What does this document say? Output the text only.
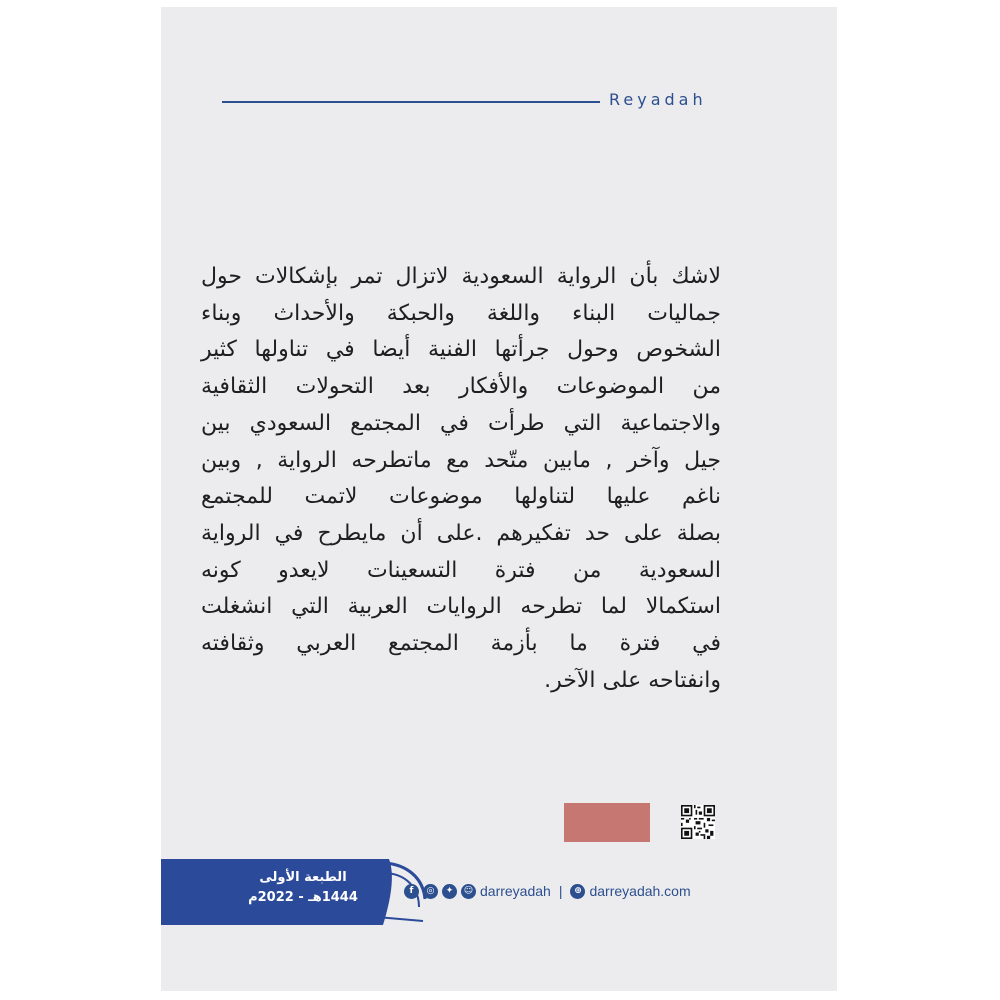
Reyadah
لاشك بأن الرواية السعودية لاتزال تمر بإشكالات حول
جماليات البناء واللغة والحبكة والأحداث وبناء
الشخوص وحول جرأتها الفنية أيضا في تناولها كثير
من الموضوعات والأفكار بعد التحولات الثقافية
والاجتماعية التي طرأت في المجتمع السعودي بين
جيل وآخر , مابين متّحد مع ماتطرحه الرواية , وبين
ناغم عليها لتناولها موضوعات لاتمت للمجتمع
بصلة على حد تفكيرهم .على أن مايطرح في الرواية
السعودية من فترة التسعينات لايعدو كونه
استكمالا لما تطرحه الروايات العربية التي انشغلت
في فترة ما بأزمة المجتمع العربي وثقافته
وانفتاحه على الآخر.
الطبعة الأولى
1444هـ - 2022م	f	◎	✦	☺ darreyadah |	⊕ darreyadah.com
